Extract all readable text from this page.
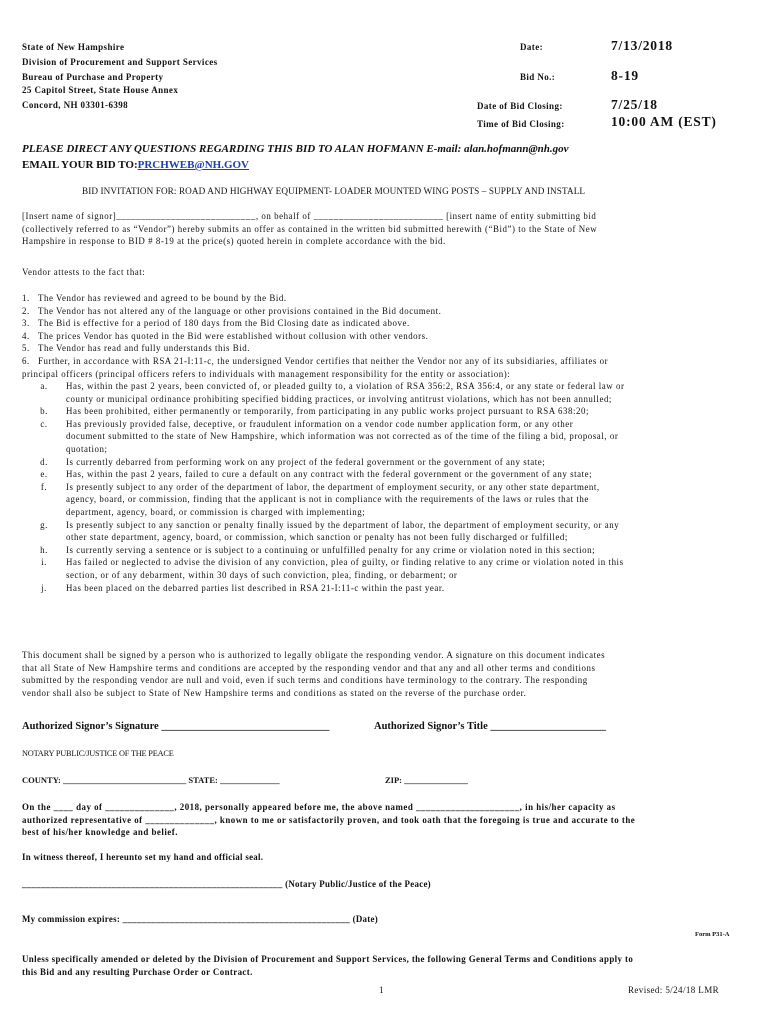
State of New Hampshire
Division of Procurement and Support Services
Bureau of Purchase and Property
25 Capitol Street, State House Annex
Concord, NH 03301-6398
Date:	7/13/2018
Bid No.:	8-19
Date of Bid Closing:	7/25/18
Time of Bid Closing:	10:00 AM (EST)
PLEASE DIRECT ANY QUESTIONS REGARDING THIS BID TO ALAN HOFMANN E-mail: alan.hofmann@nh.gov
EMAIL YOUR BID TO:PRCHWEB@NH.GOV
BID INVITATION FOR: ROAD AND HIGHWAY EQUIPMENT- LOADER MOUNTED WING POSTS – SUPPLY AND INSTALL
[Insert name of signor]____________________________, on behalf of __________________________ [insert name of entity submitting bid
(collectively referred to as “Vendor”) hereby submits an offer as contained in the written bid submitted herewith (“Bid”) to the State of New
Hampshire in response to BID # 8-19 at the price(s) quoted herein in complete accordance with the bid.
Vendor attests to the fact that:
1. The Vendor has reviewed and agreed to be bound by the Bid.
2. The Vendor has not altered any of the language or other provisions contained in the Bid document.
3. The Bid is effective for a period of 180 days from the Bid Closing date as indicated above.
4. The prices Vendor has quoted in the Bid were established without collusion with other vendors.
5. The Vendor has read and fully understands this Bid.
6. Further, in accordance with RSA 21-I:11-c, the undersigned Vendor certifies that neither the Vendor nor any of its subsidiaries, affiliates or
principal officers (principal officers refers to individuals with management responsibility for the entity or association):
a.	Has, within the past 2 years, been convicted of, or pleaded guilty to, a violation of RSA 356:2, RSA 356:4, or any state or federal law or
county or municipal ordinance prohibiting specified bidding practices, or involving antitrust violations, which has not been annulled;
b.	Has been prohibited, either permanently or temporarily, from participating in any public works project pursuant to RSA 638:20;
c.	Has previously provided false, deceptive, or fraudulent information on a vendor code number application form, or any other
document submitted to the state of New Hampshire, which information was not corrected as of the time of the filing a bid, proposal, or
quotation;
d.	Is currently debarred from performing work on any project of the federal government or the government of any state;
e.	Has, within the past 2 years, failed to cure a default on any contract with the federal government or the government of any state;
f.	Is presently subject to any order of the department of labor, the department of employment security, or any other state department,
agency, board, or commission, finding that the applicant is not in compliance with the requirements of the laws or rules that the
department, agency, board, or commission is charged with implementing;
g.	Is presently subject to any sanction or penalty finally issued by the department of labor, the department of employment security, or any
other state department, agency, board, or commission, which sanction or penalty has not been fully discharged or fulfilled;
h.	Is currently serving a sentence or is subject to a continuing or unfulfilled penalty for any crime or violation noted in this section;
i.	Has failed or neglected to advise the division of any conviction, plea of guilty, or finding relative to any crime or violation noted in this
section, or of any debarment, within 30 days of such conviction, plea, finding, or debarment; or
j.	Has been placed on the debarred parties list described in RSA 21-I:11-c within the past year.
This document shall be signed by a person who is authorized to legally obligate the responding vendor. A signature on this document indicates
that all State of New Hampshire terms and conditions are accepted by the responding vendor and that any and all other terms and conditions
submitted by the responding vendor are null and void, even if such terms and conditions have terminology to the contrary. The responding
vendor shall also be subject to State of New Hampshire terms and conditions as stated on the reverse of the purchase order.
Authorized Signor’s Signature ________________________________	Authorized Signor’s Title ______________________
NOTARY PUBLIC/JUSTICE OF THE PEACE
COUNTY: _____________________________ STATE: ______________	ZIP: _______________
On the ____ day of ______________, 2018, personally appeared before me, the above named _____________________, in his/her capacity as
authorized representative of ______________, known to me or satisfactorily proven, and took oath that the foregoing is true and accurate to the
best of his/her knowledge and belief.
In witness thereof, I hereunto set my hand and official seal.
_______________________________________________________ (Notary Public/Justice of the Peace)
My commission expires: ________________________________________________ (Date)
Form P31-A
Unless specifically amended or deleted by the Division of Procurement and Support Services, the following General Terms and Conditions apply to
this Bid and any resulting Purchase Order or Contract.
1	Revised: 5/24/18 LMR
